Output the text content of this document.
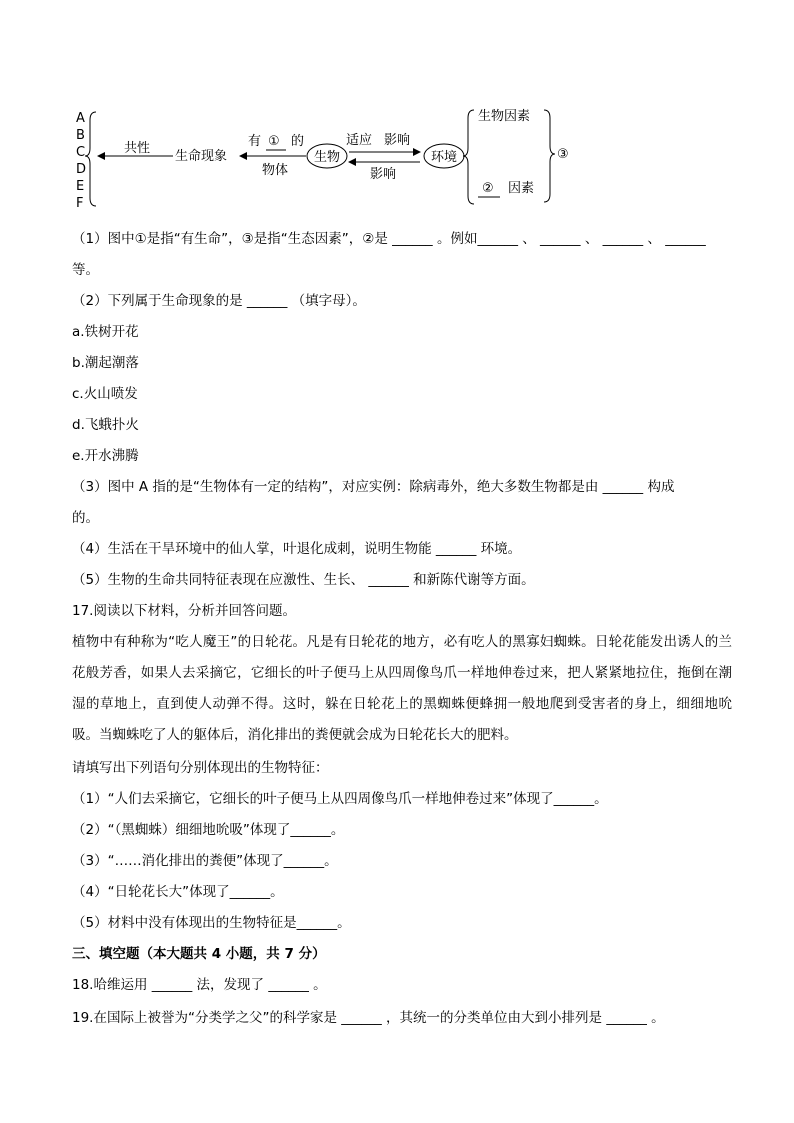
A
B
C
D
E
F
共性
生命现象
有 ① 的
物体
生物
适应 影响
影响
环境
生物因素
② 因素
③
（1）图中①是指“有生命”，③是指“生态因素”，②是 ______ 。例如______ 、 ______ 、 ______ 、 ______
等。
（2）下列属于生命现象的是 ______ （填字母）。
a.铁树开花
b.潮起潮落
c.火山喷发
d.飞蛾扑火
e.开水沸腾
（3）图中 A 指的是“生物体有一定的结构”，对应实例：除病毒外，绝大多数生物都是由 ______ 构成
的。
（4）生活在干旱环境中的仙人掌，叶退化成刺，说明生物能 ______ 环境。
（5）生物的生命共同特征表现在应激性、生长、 ______ 和新陈代谢等方面。
17.阅读以下材料，分析并回答问题。
植物中有种称为“吃人魔王”的日轮花。凡是有日轮花的地方，必有吃人的黑寡妇蜘蛛。日轮花能发出诱人的兰花般芳香，如果人去采摘它，它细长的叶子便马上从四周像鸟爪一样地伸卷过来，把人紧紧地拉住，拖倒在潮湿的草地上，直到使人动弹不得。这时，躲在日轮花上的黑蜘蛛便蜂拥一般地爬到受害者的身上，细细地吮吸。当蜘蛛吃了人的躯体后，消化排出的粪便就会成为日轮花长大的肥料。
请填写出下列语句分别体现出的生物特征：
（1）“人们去采摘它，它细长的叶子便马上从四周像鸟爪一样地伸卷过来”体现了______。
（2）“（黑蜘蛛）细细地吮吸”体现了______。
（3）“……消化排出的粪便”体现了______。
（4）“日轮花长大”体现了______。
（5）材料中没有体现出的生物特征是______。
三、填空题（本大题共 4 小题，共 7 分）
18.哈维运用 ______ 法，发现了 ______ 。
19.在国际上被誉为“分类学之父”的科学家是 ______ ，其统一的分类单位由大到小排列是 ______ 。
